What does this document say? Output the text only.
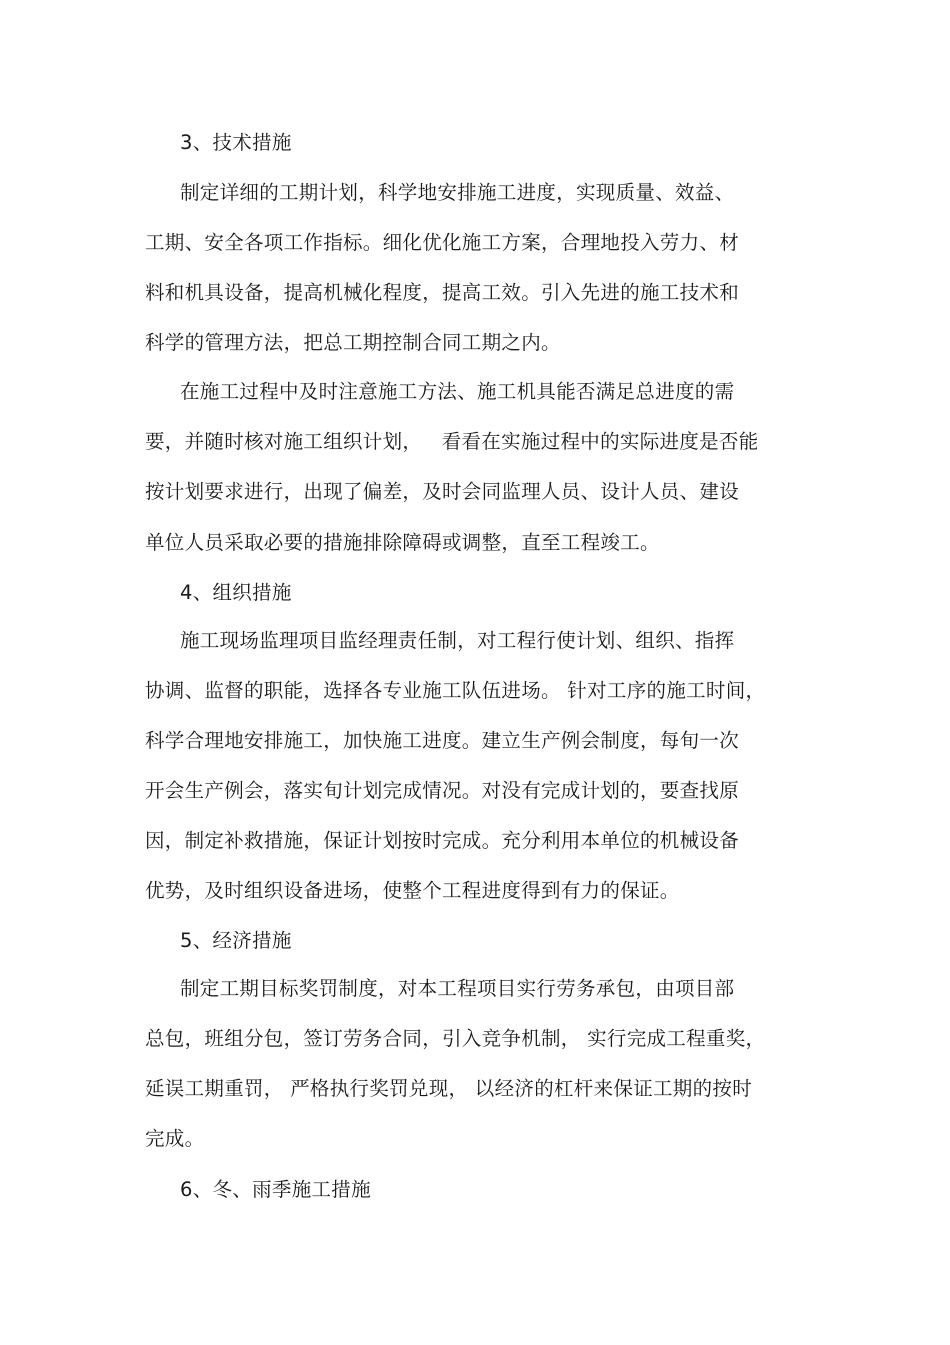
3、技术措施
制定详细的工期计划，科学地安排施工进度，实现质量、效益、
工期、安全各项工作指标。细化优化施工方案，合理地投入劳力、材
料和机具设备，提高机械化程度，提高工效。引入先进的施工技术和
科学的管理方法，把总工期控制合同工期之内。
在施工过程中及时注意施工方法、施工机具能否满足总进度的需
要，并随时核对施工组织计划，   看看在实施过程中的实际进度是否能
按计划要求进行，出现了偏差，及时会同监理人员、设计人员、建设
单位人员采取必要的措施排除障碍或调整，直至工程竣工。
4、组织措施
施工现场监理项目监经理责任制，对工程行使计划、组织、指挥
协调、监督的职能，选择各专业施工队伍进场。 针对工序的施工时间，
科学合理地安排施工，加快施工进度。建立生产例会制度，每旬一次
开会生产例会，落实旬计划完成情况。对没有完成计划的，要查找原
因，制定补救措施，保证计划按时完成。充分利用本单位的机械设备
优势，及时组织设备进场，使整个工程进度得到有力的保证。
5、经济措施
制定工期目标奖罚制度，对本工程项目实行劳务承包，由项目部
总包，班组分包，签订劳务合同，引入竞争机制， 实行完成工程重奖，
延误工期重罚， 严格执行奖罚兑现， 以经济的杠杆来保证工期的按时
完成。
6、冬、雨季施工措施
